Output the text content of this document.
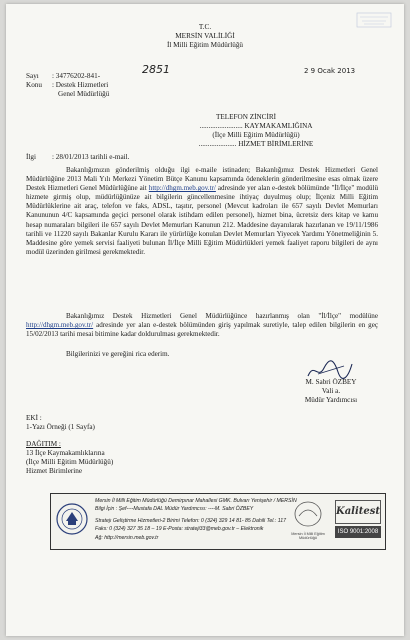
T.C.
MERSİN VALİLİĞİ
İl Milli Eğitim Müdürlüğü
Sayı : 34776202-841-	2851	2 9 Ocak 2013
Konu : Destek Hizmetleri
Genel Müdürlüğü
TELEFON ZİNCİRİ
........................ KAYMAKAMLIĞINA
(İlçe Milli Eğitim Müdürlüğü)
..................... HİZMET BİRİMLERİNE
İlgi : 28/01/2013 tarihli e-mail.
Bakanlığımızın gönderilmiş olduğu ilgi e-maile istinaden; Bakanlığımız Destek Hizmetleri Genel Müdürlüğüne 2013 Mali Yılı Merkezi Yönetim Bütçe Kanunu kapsamında ödeneklerin gönderilmesine esas olmak üzere Destek Hizmetleri Genel Müdürlüğüne ait http://dhgm.meb.gov.tr/ adresinde yer alan e-destek bölümünde "İl/İlçe" modülü hizmete girmiş olup, müdürlüğünüze ait bilgilerin güncellenmesine ihtiyaç duyulmuş olup; İlçeniz Milli Eğitim Müdürlüklerine ait araç, telefon ve faks, ADSL, taşıtır, personel (Mevcut kadroları ile 657 sayılı Devlet Memurları Kanununun 4/C kapsamında geçici personel olarak istihdam edilen personel), hizmet bina, ücretsiz ders kitap ve kamu hesap numaraları bilgileri ile 657 sayılı Devlet Memurları Kanunun 212. Maddesine dayanılarak hazırlanan ve 19/11/1986 tarihli ve 11220 sayılı Bakanlar Kurulu Kararı ile yürürlüğe konulan Devlet Memurları Yiyecek Yardımı Yönetmeliğinin 5. Maddesine göre yemek servisi faaliyeti bulunan İl/İlçe Milli Eğitim Müdürlükleri yemek faaliyet raporu bilgileri de aynı modül üzerinden girilmesi gerekmektedir.
Bakanlığımız Destek Hizmetleri Genel Müdürlüğünce hazırlanmış olan "İl/İlçe" modülüne http://dhgm.meb.gov.tr/ adresinde yer alan e-destek bölümünden giriş yapılmak suretiyle, talep edilen bilgilerin en geç 15/02/2013 tarihi mesai bitimine kadar doldurulması gerekmektedir.
Bilgilerinizi ve gereğini rica ederim.
M. Sabri ÖZBEY
Vali a.
Müdür Yardımcısı
EKİ :
1-Yazı Örneği (1 Sayfa)
DAĞITIM :
13 İlçe Kaymakamlıklarına
(İlçe Milli Eğitim Müdürlüğü)
Hizmet Birimlerine
Mersin İl Milli Eğitim Müdürlüğü Demirpınar Mahallesi GMK. Bulvarı Yenişehir / MERSİN
Bilgi İçin : Şef----Mustafa DAL Müdür Yardımcısı: ----M. Sabri ÖZBEY
Stratejı Geliştirme Hizmetleri-2 Birimi Telefon: 0 (324) 329 14 81- 85 Dahili Tel.: 117
Faks: 0 (324) 327 35 18 – 19 E-Posta: strateji33@meb.gov.tr – Elektronik
Ağ: http://mersin.meb.gov.tr
Mersin İl Milli Eğitim Müdürlüğü
Kalitest
ISO 9001:2008
